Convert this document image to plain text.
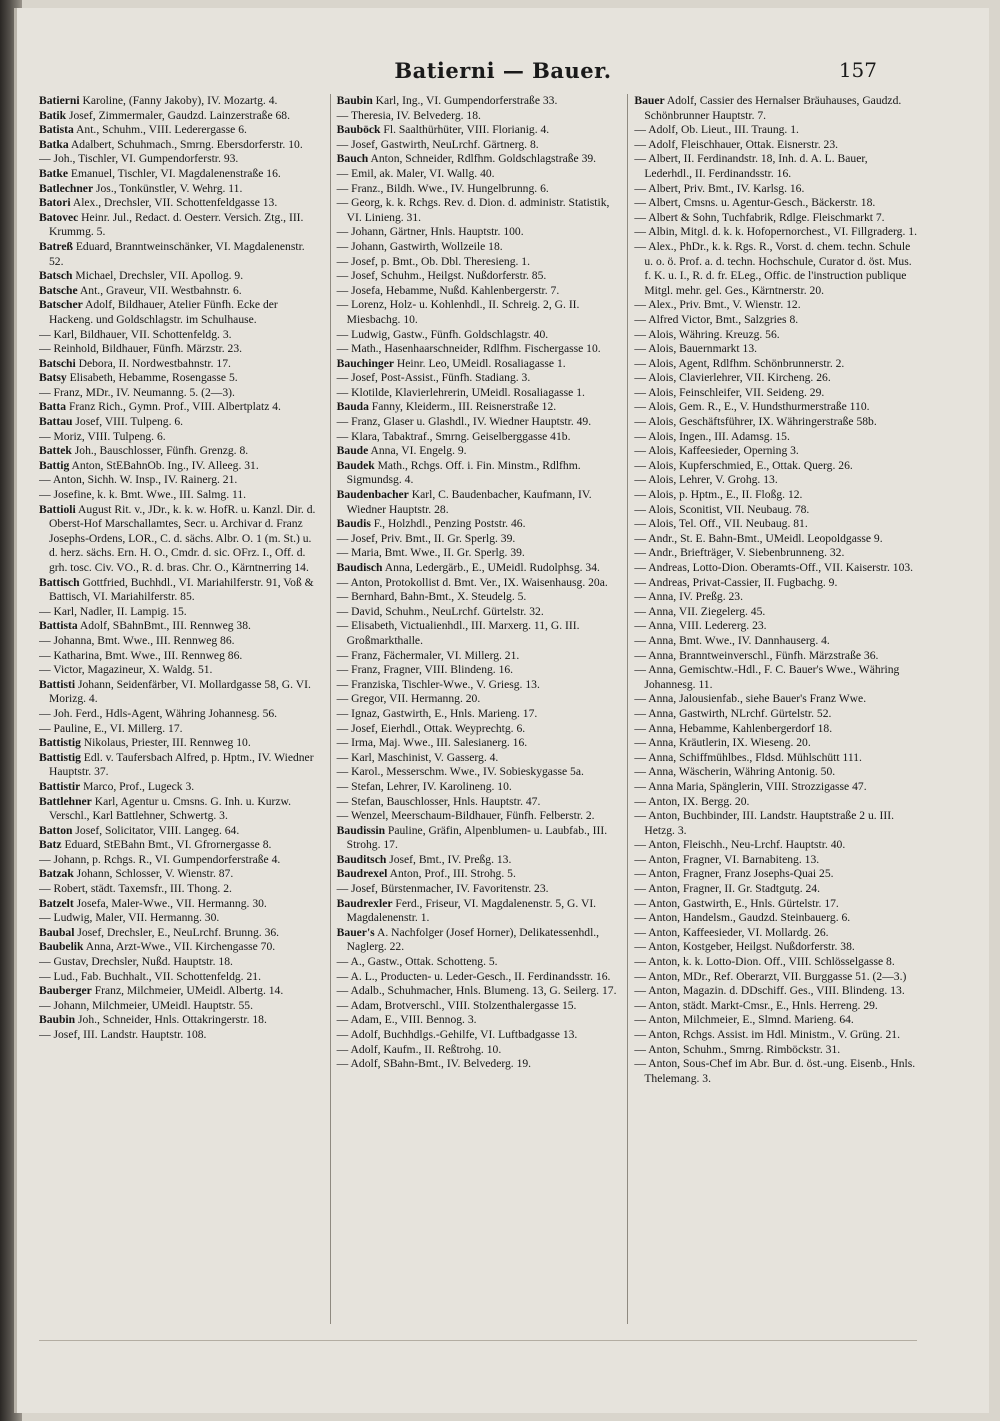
Batierni — Bauer.	157

Batierni Karoline, (Fanny Jakoby), IV. Mozartg. 4.

Batik Josef, Zimmermaler, Gaudzd. Lainzerstraße 68.

Batista Ant., Schuhm., VIII. Lederergasse 6.

Batka Adalbert, Schuhmach., Smrng. Ebersdorferstr. 10.

— Joh., Tischler, VI. Gumpendorferstr. 93.

Batke Emanuel, Tischler, VI. Magdalenenstraße 16.

Batlechner Jos., Tonkünstler, V. Wehrg. 11.

Batori Alex., Drechsler, VII. Schottenfeldgasse 13.

Batovec Heinr. Jul., Redact. d. Oesterr. Versich. Ztg., III. Krummg. 5.

Batreß Eduard, Branntweinschänker, VI. Magdalenenstr. 52.

Batsch Michael, Drechsler, VII. Apollog. 9.

Batsche Ant., Graveur, VII. Westbahnstr. 6.

Batscher Adolf, Bildhauer, Atelier Fünfh. Ecke der Hackeng. und Goldschlagstr. im Schulhause.

— Karl, Bildhauer, VII. Schottenfeldg. 3.

— Reinhold, Bildhauer, Fünfh. Märzstr. 23.

Batschi Debora, II. Nordwestbahnstr. 17.

Batsy Elisabeth, Hebamme, Rosengasse 5.

— Franz, MDr., IV. Neumanng. 5. (2—3).

Batta Franz Rich., Gymn. Prof., VIII. Albertplatz 4.

Battau Josef, VIII. Tulpeng. 6.

— Moriz, VIII. Tulpeng. 6.

Battek Joh., Bauschlosser, Fünfh. Grenzg. 8.

Battig Anton, StEBahnOb. Ing., IV. Alleeg. 31.

— Anton, Sichh. W. Insp., IV. Rainerg. 21.

— Josefine, k. k. Bmt. Wwe., III. Salmg. 11.

Battioli August Rit. v., JDr., k. k. w. HofR. u. Kanzl. Dir. d. Oberst-Hof Marschallamtes, Secr. u. Archivar d. Franz Josephs-Ordens, LOR., C. d. sächs. Albr. O. 1 (m. St.) u. d. herz. sächs. Ern. H. O., Cmdr. d. sic. OFrz. I., Off. d. grh. tosc. Civ. VO., R. d. bras. Chr. O., Kärntnerring 14.

Battisch Gottfried, Buchhdl., VI. Mariahilferstr. 91, Voß & Battisch, VI. Mariahilferstr. 85.

— Karl, Nadler, II. Lampig. 15.

Battista Adolf, SBahnBmt., III. Rennweg 38.

— Johanna, Bmt. Wwe., III. Rennweg 86.

— Katharina, Bmt. Wwe., III. Rennweg 86.

— Victor, Magazineur, X. Waldg. 51.

Battisti Johann, Seidenfärber, VI. Mollardgasse 58, G. VI. Morizg. 4.

— Joh. Ferd., Hdls-Agent, Währing Johannesg. 56.

— Pauline, E., VI. Millerg. 17.

Battistig Nikolaus, Priester, III. Rennweg 10.

Battistig Edl. v. Taufersbach Alfred, p. Hptm., IV. Wiedner Hauptstr. 37.

Battistir Marco, Prof., Lugeck 3.

Battlehner Karl, Agentur u. Cmsns. G. Inh. u. Kurzw. Verschl., Karl Battlehner, Schwertg. 3.

Batton Josef, Solicitator, VIII. Langeg. 64.

Batz Eduard, StEBahn Bmt., VI. Gfrornergasse 8.

— Johann, p. Rchgs. R., VI. Gumpendorferstraße 4.

Batzak Johann, Schlosser, V. Wienstr. 87.

— Robert, städt. Taxemsfr., III. Thong. 2.

Batzelt Josefa, Maler-Wwe., VII. Hermanng. 30.

— Ludwig, Maler, VII. Hermanng. 30.

Baubal Josef, Drechsler, E., NeuLrchf. Brunng. 36.

Baubelik Anna, Arzt-Wwe., VII. Kirchengasse 70.

— Gustav, Drechsler, Nußd. Hauptstr. 18.

— Lud., Fab. Buchhalt., VII. Schottenfeldg. 21.

Bauberger Franz, Milchmeier, UMeidl. Albertg. 14.

— Johann, Milchmeier, UMeidl. Hauptstr. 55.

Baubin Joh., Schneider, Hnls. Ottakringerstr. 18.

— Josef, III. Landstr. Hauptstr. 108.

Baubin Karl, Ing., VI. Gumpendorferstraße 33.

— Theresia, IV. Belvederg. 18.

Bauböck Fl. Saalthürhüter, VIII. Florianig. 4.

— Josef, Gastwirth, NeuLrchf. Gärtnerg. 8.

Bauch Anton, Schneider, Rdlfhm. Goldschlagstraße 39.

— Emil, ak. Maler, VI. Wallg. 40.

— Franz., Bildh. Wwe., IV. Hungelbrunng. 6.

— Georg, k. k. Rchgs. Rev. d. Dion. d. administr. Statistik, VI. Linieng. 31.

— Johann, Gärtner, Hnls. Hauptstr. 100.

— Johann, Gastwirth, Wollzeile 18.

— Josef, p. Bmt., Ob. Dbl. Theresieng. 1.

— Josef, Schuhm., Heilgst. Nußdorferstr. 85.

— Josefa, Hebamme, Nußd. Kahlenbergerstr. 7.

— Lorenz, Holz- u. Kohlenhdl., II. Schreig. 2, G. II. Miesbachg. 10.

— Ludwig, Gastw., Fünfh. Goldschlagstr. 40.

— Math., Hasenhaarschneider, Rdlfhm. Fischergasse 10.

Bauchinger Heinr. Leo, UMeidl. Rosaliagasse 1.

— Josef, Post-Assist., Fünfh. Stadiang. 3.

— Klotilde, Klavierlehrerin, UMeidl. Rosaliagasse 1.

Bauda Fanny, Kleiderm., III. Reisnerstraße 12.

— Franz, Glaser u. Glashdl., IV. Wiedner Hauptstr. 49.

— Klara, Tabaktraf., Smrng. Geiselberggasse 41b.

Baude Anna, VI. Engelg. 9.

Baudek Math., Rchgs. Off. i. Fin. Minstm., Rdlfhm. Sigmundsg. 4.

Baudenbacher Karl, C. Baudenbacher, Kaufmann, IV. Wiedner Hauptstr. 28.

Baudis F., Holzhdl., Penzing Poststr. 46.

— Josef, Priv. Bmt., II. Gr. Sperlg. 39.

— Maria, Bmt. Wwe., II. Gr. Sperlg. 39.

Baudisch Anna, Ledergärb., E., UMeidl. Rudolphsg. 34.

— Anton, Protokollist d. Bmt. Ver., IX. Waisenhausg. 20a.

— Bernhard, Bahn-Bmt., X. Steudelg. 5.

— David, Schuhm., NeuLrchf. Gürtelstr. 32.

— Elisabeth, Victualienhdl., III. Marxerg. 11, G. III. Großmarkthalle.

— Franz, Fächermaler, VI. Millerg. 21.

— Franz, Fragner, VIII. Blindeng. 16.

— Franziska, Tischler-Wwe., V. Griesg. 13.

— Gregor, VII. Hermanng. 20.

— Ignaz, Gastwirth, E., Hnls. Marieng. 17.

— Josef, Eierhdl., Ottak. Weyprechtg. 6.

— Irma, Maj. Wwe., III. Salesianerg. 16.

— Karl, Maschinist, V. Gasserg. 4.

— Karol., Messerschm. Wwe., IV. Sobieskygasse 5a.

— Stefan, Lehrer, IV. Karolineng. 10.

— Stefan, Bauschlosser, Hnls. Hauptstr. 47.

— Wenzel, Meerschaum-Bildhauer, Fünfh. Felberstr. 2.

Baudissin Pauline, Gräfin, Alpenblumen- u. Laubfab., III. Strohg. 17.

Bauditsch Josef, Bmt., IV. Preßg. 13.

Baudrexel Anton, Prof., III. Strohg. 5.

— Josef, Bürstenmacher, IV. Favoritenstr. 23.

Baudrexler Ferd., Friseur, VI. Magdalenenstr. 5, G. VI. Magdalenenstr. 1.

Bauer's A. Nachfolger (Josef Horner), Delikatessenhdl., Naglerg. 22.

— A., Gastw., Ottak. Schotteng. 5.

— A. L., Producten- u. Leder-Gesch., II. Ferdinandsstr. 16.

— Adalb., Schuhmacher, Hnls. Blumeng. 13, G. Seilerg. 17.

— Adam, Brotverschl., VIII. Stolzenthalergasse 15.

— Adam, E., VIII. Bennog. 3.

— Adolf, Buchhdlgs.-Gehilfe, VI. Luftbadgasse 13.

— Adolf, Kaufm., II. Reßtrohg. 10.

— Adolf, SBahn-Bmt., IV. Belvederg. 19.

Bauer Adolf, Cassier des Hernalser Bräuhauses, Gaudzd. Schönbrunner Hauptstr. 7.

— Adolf, Ob. Lieut., III. Traung. 1.

— Adolf, Fleischhauer, Ottak. Eisnerstr. 23.

— Albert, II. Ferdinandstr. 18, Inh. d. A. L. Bauer, Lederhdl., II. Ferdinandsstr. 16.

— Albert, Priv. Bmt., IV. Karlsg. 16.

— Albert, Cmsns. u. Agentur-Gesch., Bäckerstr. 18.

— Albert & Sohn, Tuchfabrik, Rdlge. Fleischmarkt 7.

— Albin, Mitgl. d. k. k. Hofopernorchest., VI. Fillgraderg. 1.

— Alex., PhDr., k. k. Rgs. R., Vorst. d. chem. techn. Schule u. o. ö. Prof. a. d. techn. Hochschule, Curator d. öst. Mus. f. K. u. I., R. d. fr. ELeg., Offic. de l'instruction publique Mitgl. mehr. gel. Ges., Kärntnerstr. 20.

— Alex., Priv. Bmt., V. Wienstr. 12.

— Alfred Victor, Bmt., Salzgries 8.

— Alois, Währing. Kreuzg. 56.

— Alois, Bauernmarkt 13.

— Alois, Agent, Rdlfhm. Schönbrunnerstr. 2.

— Alois, Clavierlehrer, VII. Kircheng. 26.

— Alois, Feinschleifer, VII. Seideng. 29.

— Alois, Gem. R., E., V. Hundsthurmerstraße 110.

— Alois, Geschäftsführer, IX. Währingerstraße 58b.

— Alois, Ingen., III. Adamsg. 15.

— Alois, Kaffeesieder, Operning 3.

— Alois, Kupferschmied, E., Ottak. Querg. 26.

— Alois, Lehrer, V. Grohg. 13.

— Alois, p. Hptm., E., II. Floßg. 12.

— Alois, Sconitist, VII. Neubaug. 78.

— Alois, Tel. Off., VII. Neubaug. 81.

— Andr., St. E. Bahn-Bmt., UMeidl. Leopoldgasse 9.

— Andr., Briefträger, V. Siebenbrunneng. 32.

— Andreas, Lotto-Dion. Oberamts-Off., VII. Kaiserstr. 103.

— Andreas, Privat-Cassier, II. Fugbachg. 9.

— Anna, IV. Preßg. 23.

— Anna, VII. Ziegelerg. 45.

— Anna, VIII. Ledererg. 23.

— Anna, Bmt. Wwe., IV. Dannhauserg. 4.

— Anna, Branntweinverschl., Fünfh. Märzstraße 36.

— Anna, Gemischtw.-Hdl., F. C. Bauer's Wwe., Währing Johannesg. 11.

— Anna, Jalousienfab., siehe Bauer's Franz Wwe.

— Anna, Gastwirth, NLrchf. Gürtelstr. 52.

— Anna, Hebamme, Kahlenbergerdorf 18.

— Anna, Kräutlerin, IX. Wieseng. 20.

— Anna, Schiffmühlbes., Fldsd. Mühlschütt 111.

— Anna, Wäscherin, Währing Antonig. 50.

— Anna Maria, Spänglerin, VIII. Strozzigasse 47.

— Anton, IX. Bergg. 20.

— Anton, Buchbinder, III. Landstr. Hauptstraße 2 u. III. Hetzg. 3.

— Anton, Fleischh., Neu-Lrchf. Hauptstr. 40.

— Anton, Fragner, VI. Barnabiteng. 13.

— Anton, Fragner, Franz Josephs-Quai 25.

— Anton, Fragner, II. Gr. Stadtgutg. 24.

— Anton, Gastwirth, E., Hnls. Gürtelstr. 17.

— Anton, Handelsm., Gaudzd. Steinbauerg. 6.

— Anton, Kaffeesieder, VI. Mollardg. 26.

— Anton, Kostgeber, Heilgst. Nußdorferstr. 38.

— Anton, k. k. Lotto-Dion. Off., VIII. Schlösselgasse 8.

— Anton, MDr., Ref. Oberarzt, VII. Burggasse 51. (2—3.)

— Anton, Magazin. d. DDschiff. Ges., VIII. Blindeng. 13.

— Anton, städt. Markt-Cmsr., E., Hnls. Herreng. 29.

— Anton, Milchmeier, E., Slmnd. Marieng. 64.

— Anton, Rchgs. Assist. im Hdl. Ministm., V. Grüng. 21.

— Anton, Schuhm., Smrng. Rimböckstr. 31.

— Anton, Sous-Chef im Abr. Bur. d. öst.-ung. Eisenb., Hnls. Thelemang. 3.
